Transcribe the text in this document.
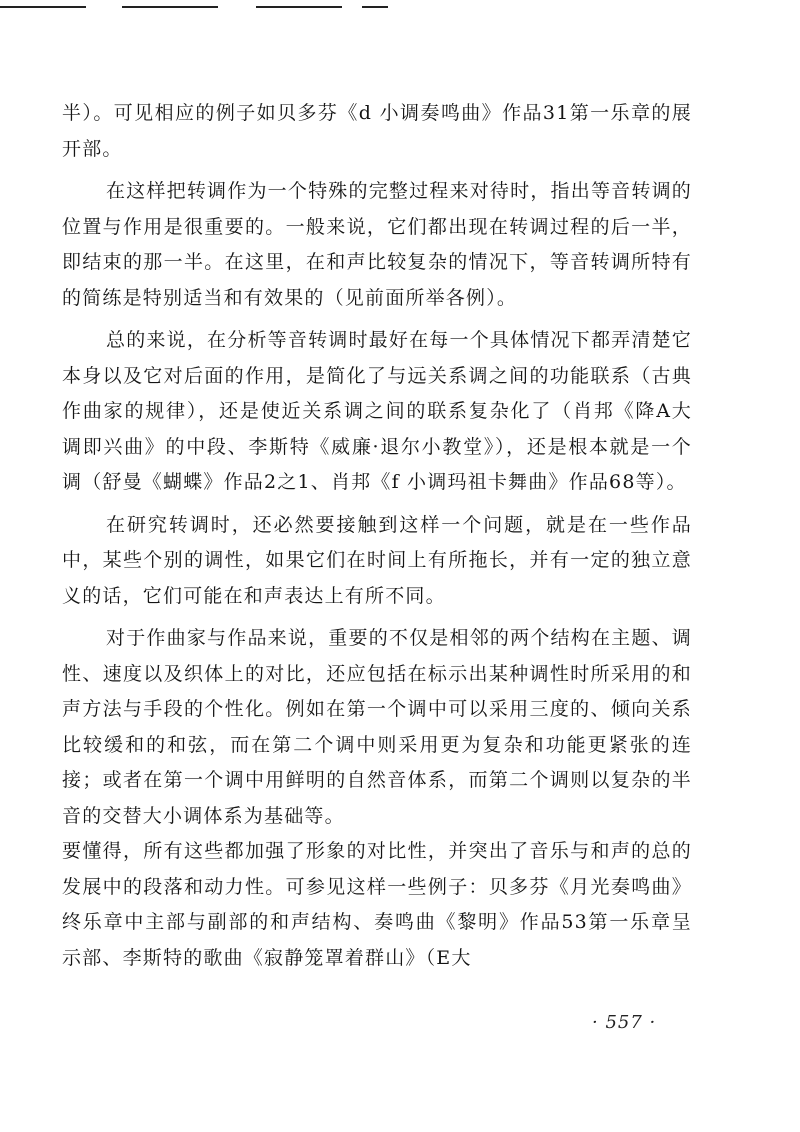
半）。可见相应的例子如贝多芬《d 小调奏鸣曲》作品31第一乐章的展开部。

在这样把转调作为一个特殊的完整过程来对待时，指出等音转调的位置与作用是很重要的。一般来说，它们都出现在转调过程的后一半，即结束的那一半。在这里，在和声比较复杂的情况下，等音转调所特有的简练是特别适当和有效果的（见前面所举各例）。

总的来说，在分析等音转调时最好在每一个具体情况下都弄清楚它本身以及它对后面的作用，是简化了与远关系调之间的功能联系（古典作曲家的规律），还是使近关系调之间的联系复杂化了（肖邦《降A大调即兴曲》的中段、李斯特《威廉·退尔小教堂》），还是根本就是一个调（舒曼《蝴蝶》作品2之1、肖邦《f 小调玛祖卡舞曲》作品68等）。

在研究转调时，还必然要接触到这样一个问题，就是在一些作品中，某些个别的调性，如果它们在时间上有所拖长，并有一定的独立意义的话，它们可能在和声表达上有所不同。

对于作曲家与作品来说，重要的不仅是相邻的两个结构在主题、调性、速度以及织体上的对比，还应包括在标示出某种调性时所采用的和声方法与手段的个性化。例如在第一个调中可以采用三度的、倾向关系比较缓和的和弦，而在第二个调中则采用更为复杂和功能更紧张的连接；或者在第一个调中用鲜明的自然音体系，而第二个调则以复杂的半音的交替大小调体系为基础等。

要懂得，所有这些都加强了形象的对比性，并突出了音乐与和声的总的发展中的段落和动力性。可参见这样一些例子：贝多芬《月光奏鸣曲》终乐章中主部与副部的和声结构、奏鸣曲《黎明》作品53第一乐章呈示部、李斯特的歌曲《寂静笼罩着群山》（E大

· 557 ·
